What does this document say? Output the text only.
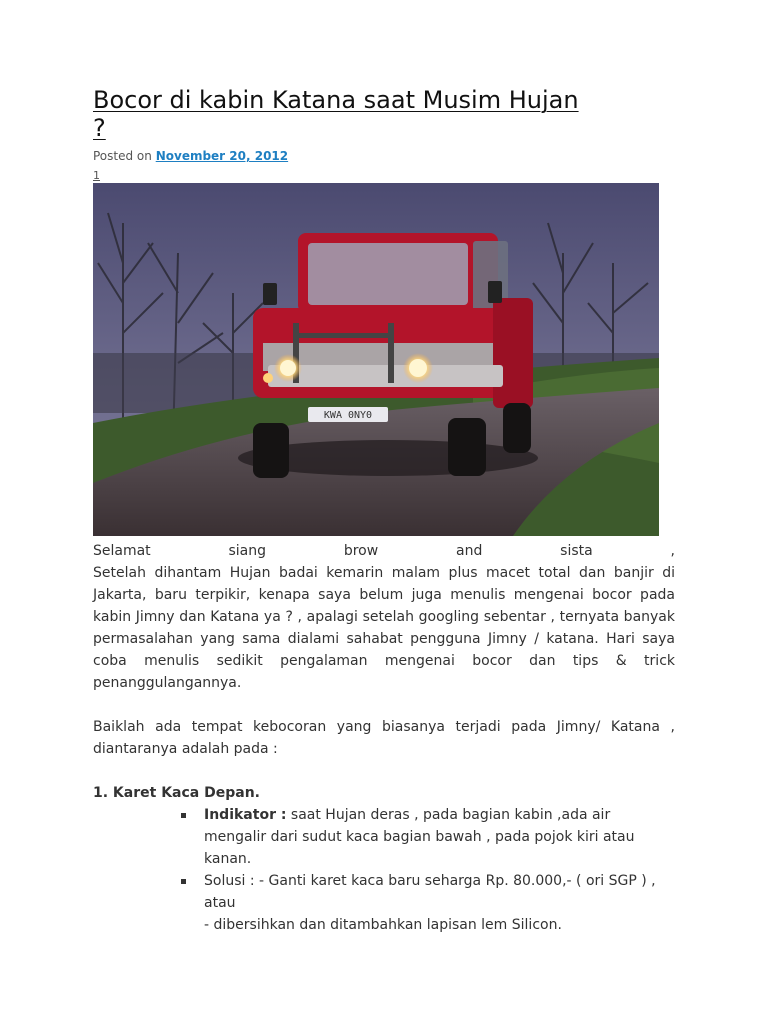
Bocor di kabin Katana saat Musim Hujan ?
Posted on November 20, 2012
1
KWA 0NY0
Selamat	siang	brow	and	sista	,

Setelah dihantam Hujan badai kemarin malam plus macet total dan banjir di Jakarta, baru terpikir, kenapa saya belum juga menulis mengenai bocor pada kabin Jimny dan Katana ya ? , apalagi setelah googling sebentar , ternyata banyak permasalahan yang sama dialami sahabat pengguna Jimny / katana. Hari saya coba menulis sedikit pengalaman mengenai bocor dan tips & trick penanggulangannya.

Baiklah ada tempat kebocoran yang biasanya terjadi pada Jimny/ Katana , diantaranya adalah pada :

1. Karet Kaca Depan.

Indikator : saat Hujan deras , pada bagian kabin ,ada air mengalir dari sudut kaca bagian bawah , pada pojok kiri atau kanan.
Solusi : - Ganti karet kaca baru seharga Rp. 80.000,- ( ori SGP ) , atau
- dibersihkan dan ditambahkan lapisan lem Silicon.
